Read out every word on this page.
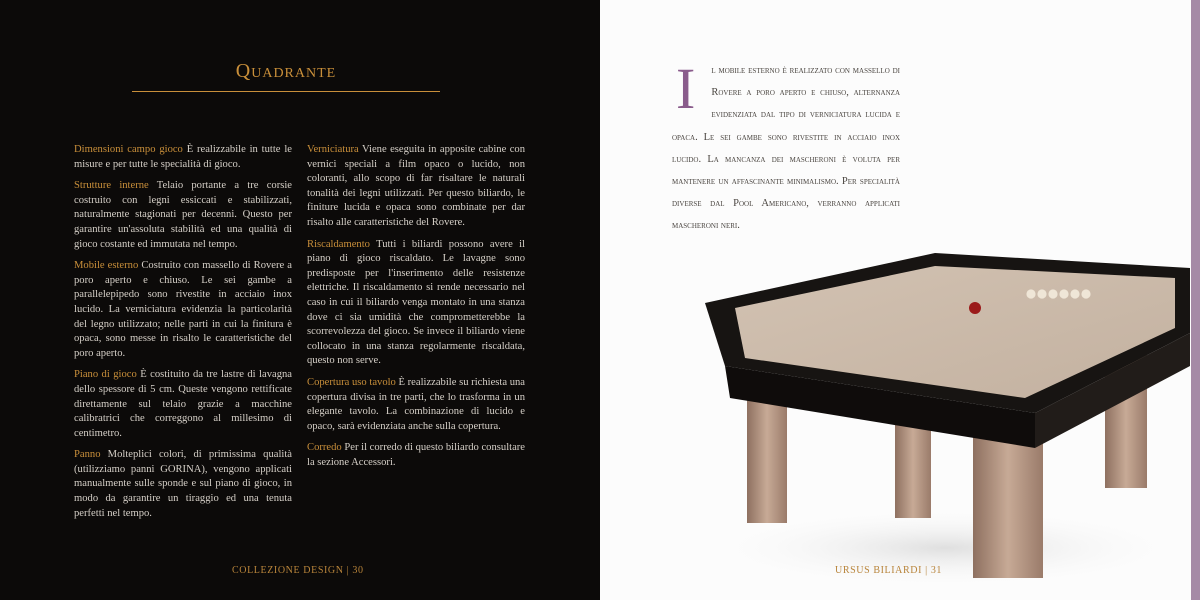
Quadrante

Dimensioni campo gioco È realizzabile in tutte le misure e per tutte le specialità di gioco.

Strutture interne Telaio portante a tre corsie costruito con legni essiccati e stabilizzati, naturalmente stagionati per decenni. Questo per garantire un'assoluta stabilità ed una qualità di gioco costante ed immutata nel tempo.

Mobile esterno Costruito con massello di Rovere a poro aperto e chiuso. Le sei gambe a parallelepipedo sono rivestite in acciaio inox lucido. La verniciatura evidenzia la particolarità del legno utilizzato; nelle parti in cui la finitura è opaca, sono messe in risalto le caratteristiche del poro aperto.

Piano di gioco È costituito da tre lastre di lavagna dello spessore di 5 cm. Queste vengono rettificate direttamente sul telaio grazie a macchine calibratrici che correggono al millesimo di centimetro.

Panno Molteplici colori, di primissima qualità (utilizziamo panni GORINA), vengono applicati manualmente sulle sponde e sul piano di gioco, in modo da garantire un tiraggio ed una tenuta perfetti nel tempo.

Verniciatura Viene eseguita in apposite cabine con vernici speciali a film opaco o lucido, non coloranti, allo scopo di far risaltare le naturali tonalità dei legni utilizzati. Per questo biliardo, le finiture lucida e opaca sono combinate per dar risalto alle caratteristiche del Rovere.

Riscaldamento Tutti i biliardi possono avere il piano di gioco riscaldato. Le lavagne sono predisposte per l'inserimento delle resistenze elettriche. Il riscaldamento si rende necessario nel caso in cui il biliardo venga montato in una stanza dove ci sia umidità che comprometterebbe la scorrevolezza del gioco. Se invece il biliardo viene collocato in una stanza regolarmente riscaldata, questo non serve.

Copertura uso tavolo È realizzabile su richiesta una copertura divisa in tre parti, che lo trasforma in un elegante tavolo. La combinazione di lucido e opaco, sarà evidenziata anche sulla copertura.

Corredo Per il corredo di questo biliardo consultare la sezione Accessori.

COLLEZIONE DESIGN | 30
I l mobile esterno è realizzato con massello di Rovere a poro aperto e chiuso, alternanza evidenziata dal tipo di verniciatura lucida e opaca. Le sei gambe sono rivestite in acciaio inox lucido. La mancanza dei mascheroni è voluta per mantenere un affascinante minimalismo. Per specialità diverse dal Pool Americano, verranno applicati mascheroni neri.
URSUS BILIARDI | 31
